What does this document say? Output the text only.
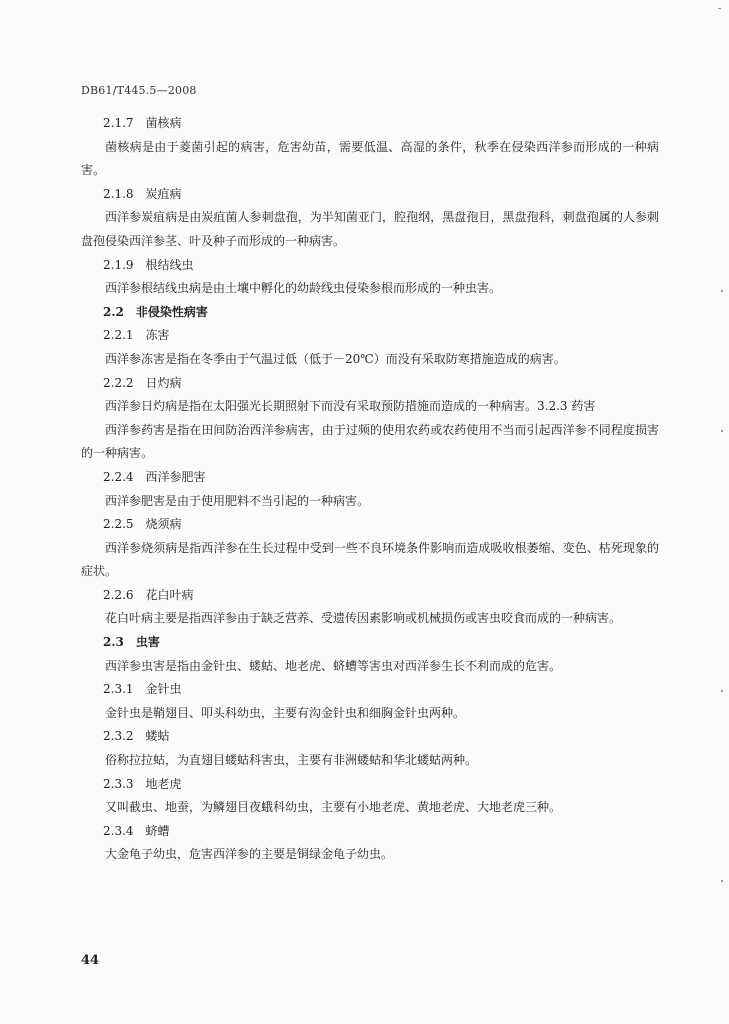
DB61/T445.5—2008
2.1.7 菌核病
菌核病是由于菱菌引起的病害，危害幼苗，需要低温、高湿的条件，秋季在侵染西洋参而形成的一种病害。
2.1.8 炭疽病
西洋参炭疽病是由炭疽菌人参刺盘孢，为半知菌亚门，腔孢纲，黑盘孢目，黑盘孢科，刺盘孢属的人参刺盘孢侵染西洋参茎、叶及种子而形成的一种病害。
2.1.9 根结线虫
西洋参根结线虫病是由土壤中孵化的幼龄线虫侵染参根而形成的一种虫害。
2.2 非侵染性病害
2.2.1 冻害
西洋参冻害是指在冬季由于气温过低（低于－20℃）而没有采取防寒措施造成的病害。
2.2.2 日灼病
西洋参日灼病是指在太阳强光长期照射下而没有采取预防措施而造成的一种病害。3.2.3 药害
西洋参药害是指在田间防治西洋参病害，由于过频的使用农药或农药使用不当而引起西洋参不同程度损害的一种病害。
2.2.4 西洋参肥害
西洋参肥害是由于使用肥料不当引起的一种病害。
2.2.5 烧须病
西洋参烧须病是指西洋参在生长过程中受到一些不良环境条件影响而造成吸收根萎缩、变色、枯死现象的症状。
2.2.6 花白叶病
花白叶病主要是指西洋参由于缺乏营养、受遗传因素影响或机械损伤或害虫咬食而成的一种病害。
2.3 虫害
西洋参虫害是指由金针虫、蝼蛄、地老虎、蛴螬等害虫对西洋参生长不利而成的危害。
2.3.1 金针虫
金针虫是鞘翅目、叩头科幼虫，主要有沟金针虫和细胸金针虫两种。
2.3.2 蝼蛄
俗称拉拉蛄，为直翅目蝼蛄科害虫，主要有非洲蝼蛄和华北蝼蛄两种。
2.3.3 地老虎
又叫截虫、地蚕，为鳞翅目夜蛾科幼虫，主要有小地老虎、黄地老虎、大地老虎三种。
2.3.4 蛴螬
大金龟子幼虫，危害西洋参的主要是铜绿金龟子幼虫。
44
